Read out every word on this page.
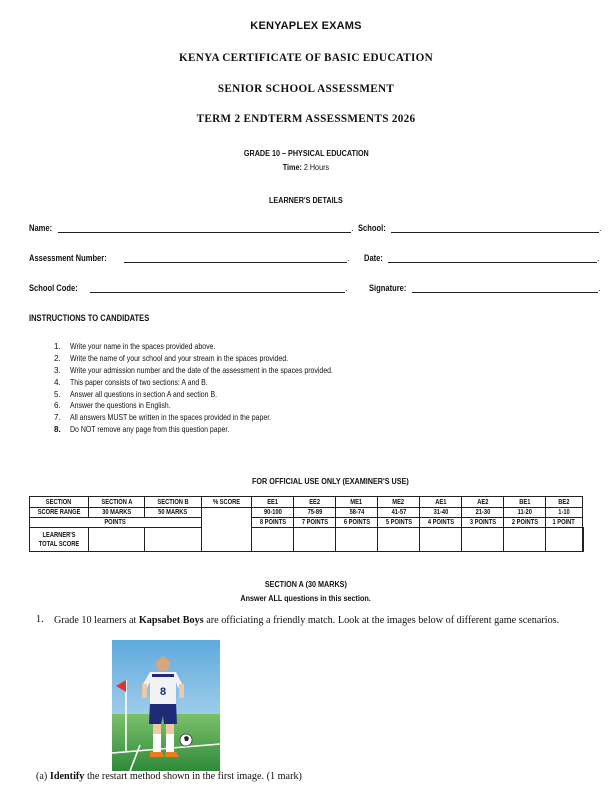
KENYAPLEX EXAMS
KENYA CERTIFICATE OF BASIC EDUCATION
SENIOR SCHOOL ASSESSMENT
TERM 2 ENDTERM ASSESSMENTS 2026
GRADE 10 – PHYSICAL EDUCATION
Time: 2 Hours
LEARNER'S DETAILS
Name:	. School:	.
Assessment Number:	. Date:	.
School Code:	. Signature:	.
INSTRUCTIONS TO CANDIDATES
1. Write your name in the spaces provided above.
2. Write the name of your school and your stream in the spaces provided.
3. Write your admission number and the date of the assessment in the spaces provided.
4. This paper consists of two sections: A and B.
5. Answer all questions in section A and section B.
6. Answer the questions in English.
7. All answers MUST be written in the spaces provided in the paper.
8. Do NOT remove any page from this question paper.
FOR OFFICIAL USE ONLY (EXAMINER'S USE)
SECTION	SECTION A	SECTION B	% SCORE	EE1	EE2	ME1	ME2	AE1	AE2	BE1	BE2	
SCORE RANGE	30 MARKS	50 MARKS		90-100	75-89	58-74	41-57	31-40	21-30	11-20	1-10	
POINTS				8 POINTS	7 POINTS	6 POINTS	5 POINTS	4 POINTS	3 POINTS	2 POINTS	1 POINT	
LEARNER'S TOTAL SCORE												
SECTION A (30 MARKS)
Answer ALL questions in this section.
1. Grade 10 learners at Kapsabet Boys are officiating a friendly match. Look at the images below of different game scenarios.
8
(a) Identify the restart method shown in the first image. (1 mark)
